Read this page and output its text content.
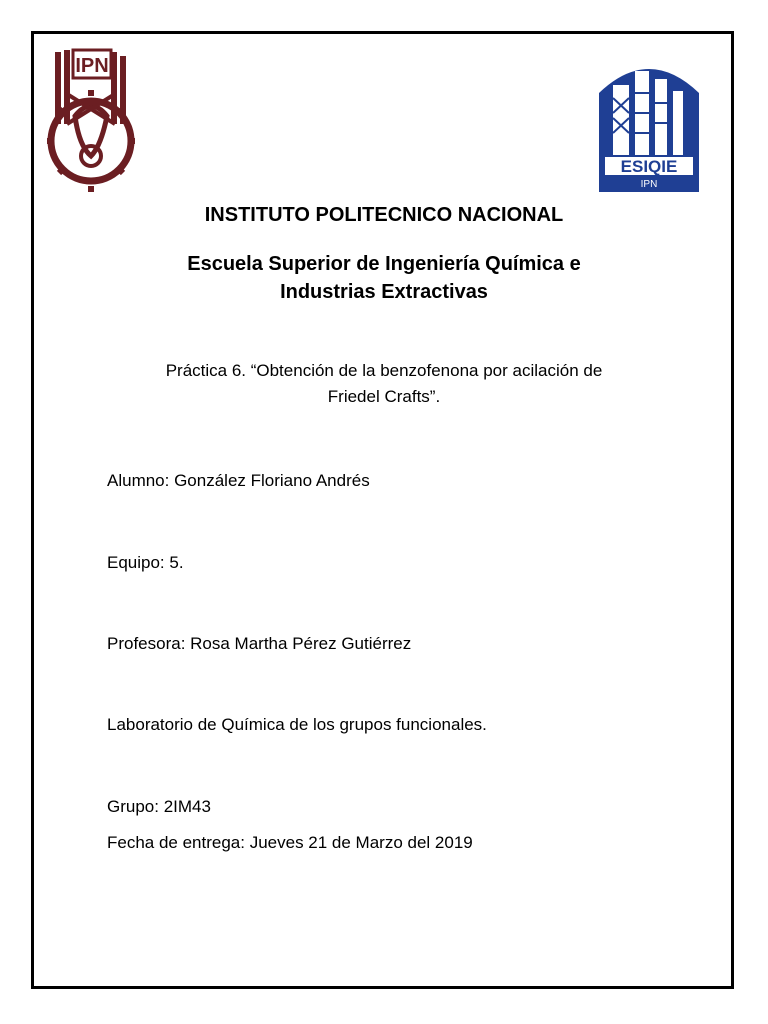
IPN
ESIQIE
IPN
INSTITUTO POLITECNICO NACIONAL
Escuela Superior de Ingeniería Química e
Industrias Extractivas
Práctica 6. “Obtención de la benzofenona por acilación de
Friedel Crafts”.
Alumno: González Floriano Andrés
Equipo: 5.
Profesora: Rosa Martha Pérez Gutiérrez
Laboratorio de Química de los grupos funcionales.
Grupo: 2IM43
Fecha de entrega: Jueves 21 de Marzo del 2019
